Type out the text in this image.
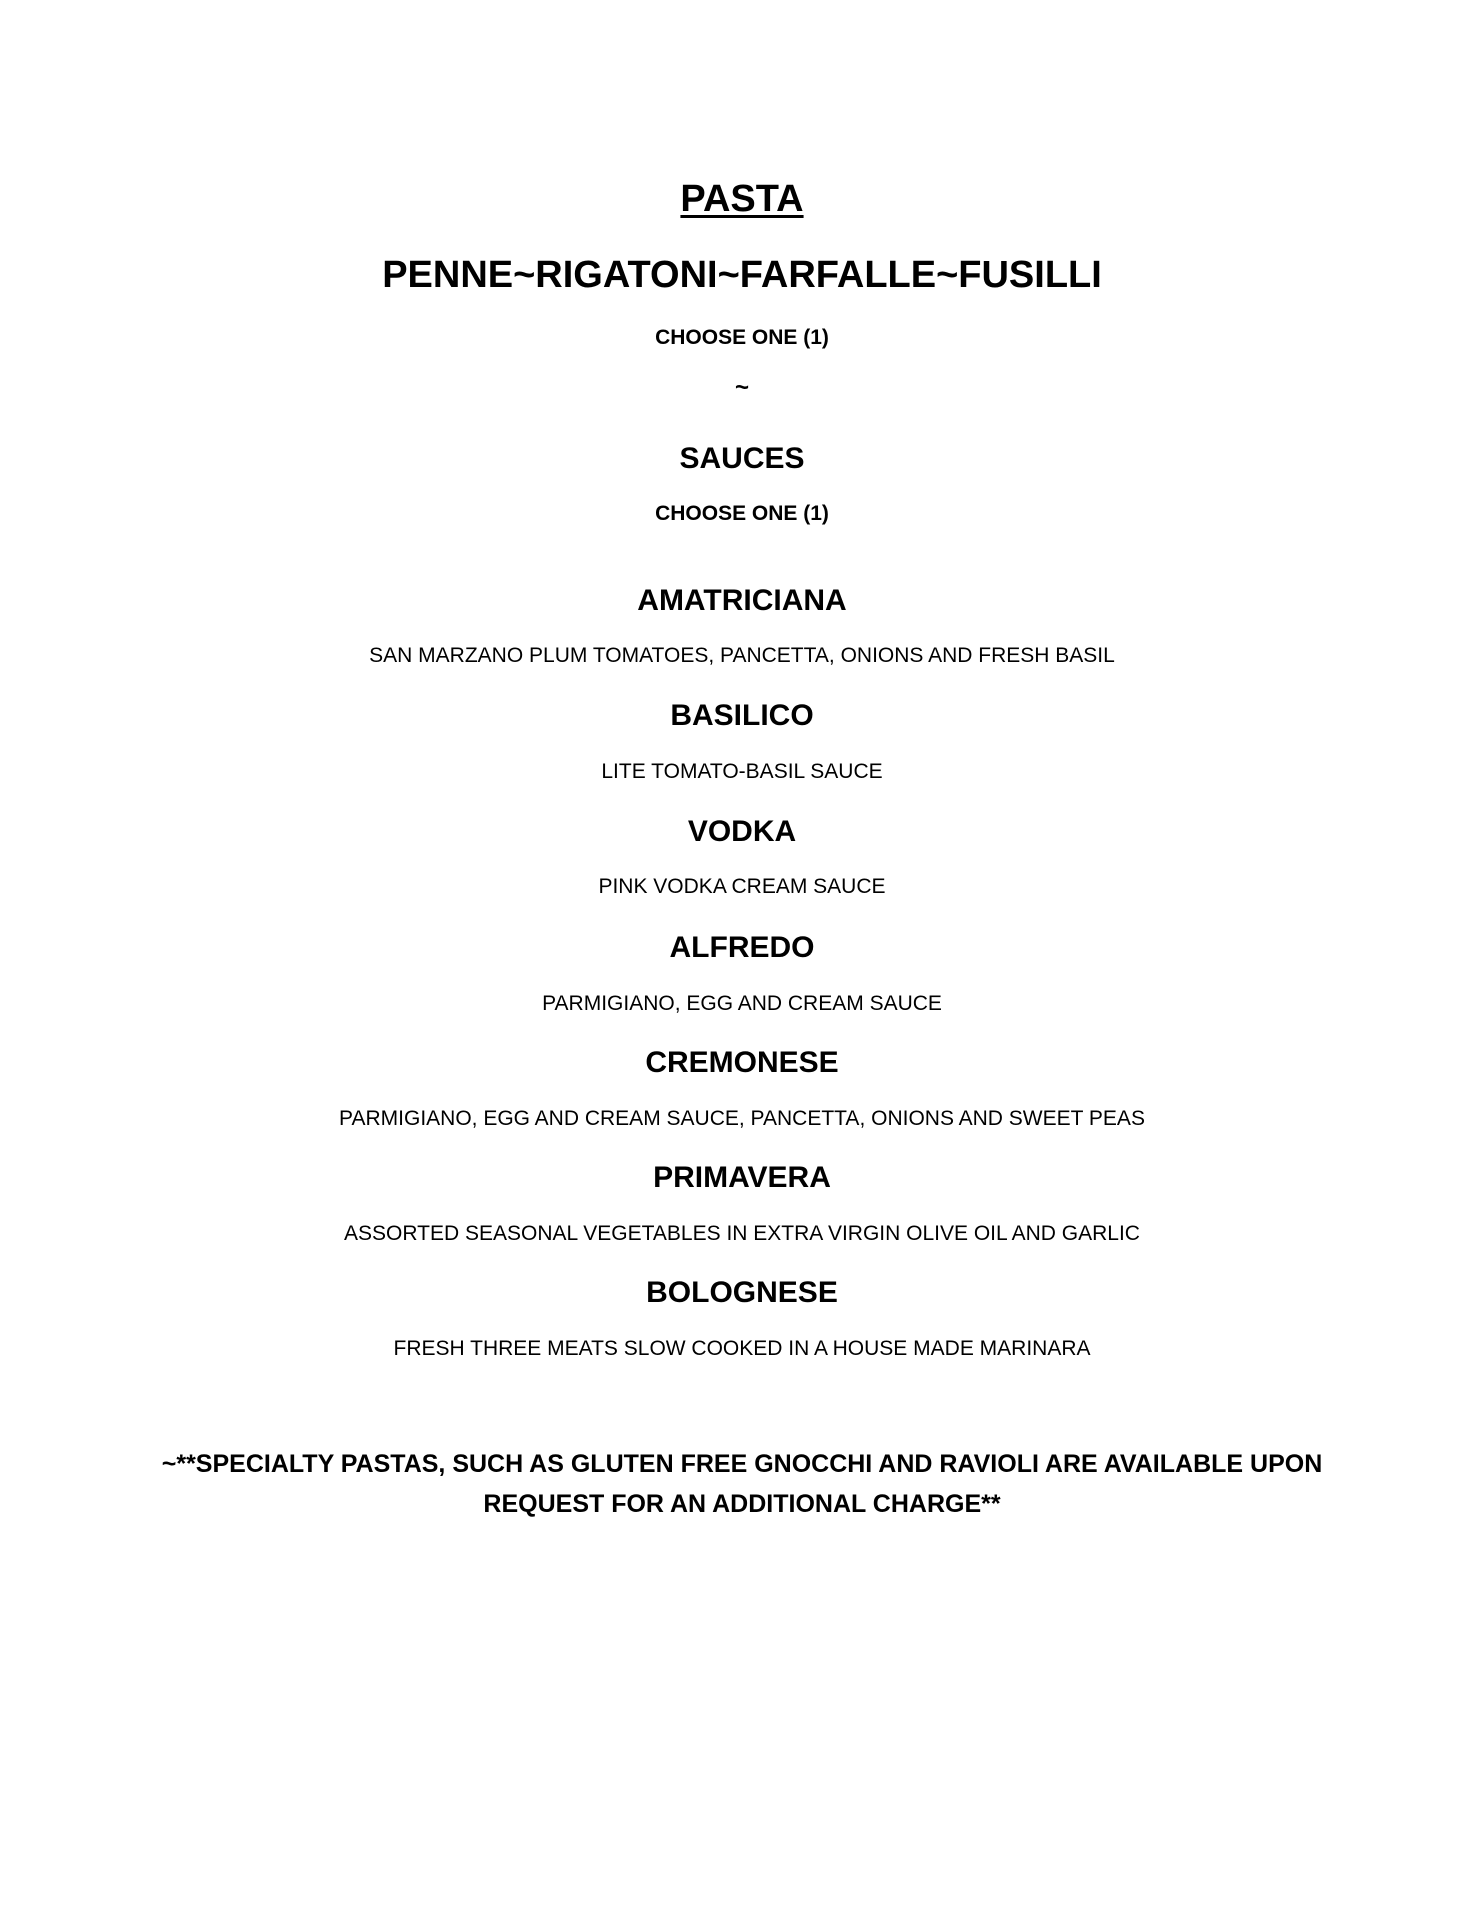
PASTA
PENNE~RIGATONI~FARFALLE~FUSILLI
CHOOSE ONE (1)
~
SAUCES
CHOOSE ONE (1)
AMATRICIANA
SAN MARZANO PLUM TOMATOES, PANCETTA, ONIONS AND FRESH BASIL
BASILICO
LITE TOMATO-BASIL SAUCE
VODKA
PINK VODKA CREAM SAUCE
ALFREDO
PARMIGIANO, EGG AND CREAM SAUCE
CREMONESE
PARMIGIANO, EGG AND CREAM SAUCE, PANCETTA, ONIONS AND SWEET PEAS
PRIMAVERA
ASSORTED SEASONAL VEGETABLES IN EXTRA VIRGIN OLIVE OIL AND GARLIC
BOLOGNESE
FRESH THREE MEATS SLOW COOKED IN A HOUSE MADE MARINARA
~**SPECIALTY PASTAS, SUCH AS GLUTEN FREE GNOCCHI AND RAVIOLI ARE AVAILABLE UPON REQUEST FOR AN ADDITIONAL CHARGE**
